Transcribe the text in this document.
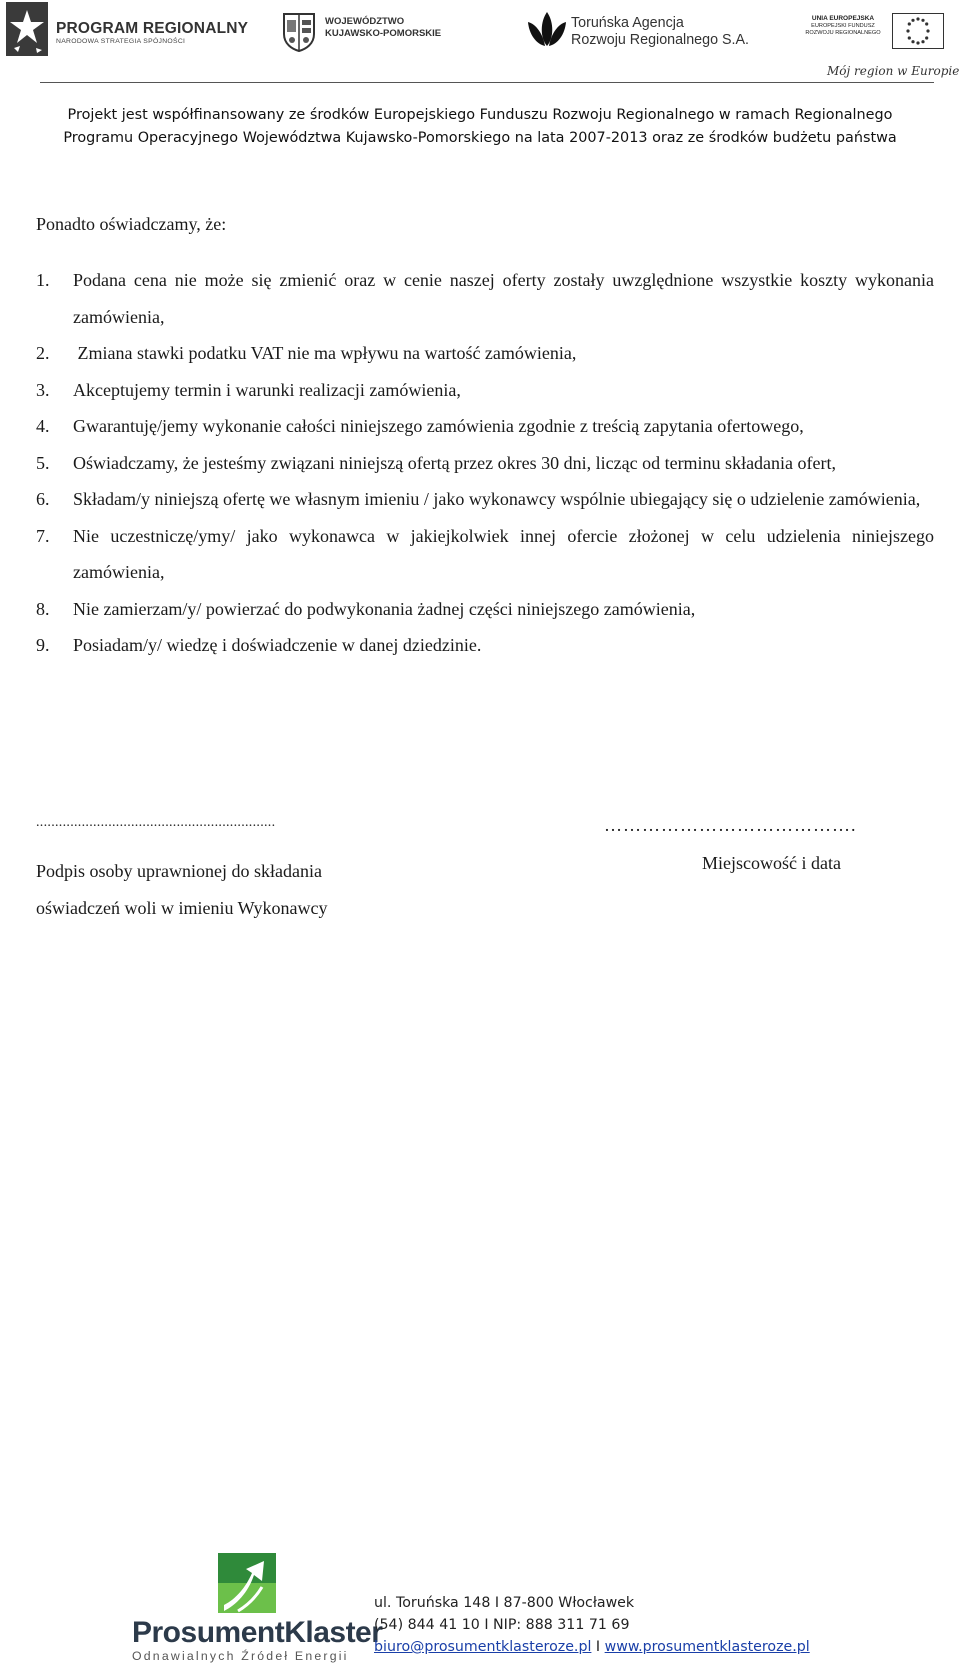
PROGRAM REGIONALNY
NARODOWA STRATEGIA SPÓJNOŚCI
WOJEWÓDZTWO
KUJAWSKO-POMORSKIE
Toruńska Agencja
Rozwoju Regionalnego S.A.
UNIA EUROPEJSKA
EUROPEJSKI FUNDUSZ
ROZWOJU REGIONALNEGO
Mój region w Europie
Projekt jest współfinansowany ze środków Europejskiego Funduszu Rozwoju Regionalnego w ramach Regionalnego
Programu Operacyjnego Województwa Kujawsko-Pomorskiego na lata 2007-2013 oraz ze środków budżetu państwa
Ponadto oświadczamy, że:
1. Podana cena nie może się zmienić oraz w cenie naszej oferty zostały uwzględnione wszystkie koszty wykonania zamówienia,
2. Zmiana stawki podatku VAT nie ma wpływu na wartość zamówienia,
3. Akceptujemy termin i warunki realizacji zamówienia,
4. Gwarantuję/jemy wykonanie całości niniejszego zamówienia zgodnie z treścią zapytania ofertowego,
5. Oświadczamy, że jesteśmy związani niniejszą ofertą przez okres 30 dni, licząc od terminu składania ofert,
6. Składam/y niniejszą ofertę we własnym imieniu / jako wykonawcy wspólnie ubiegający się o udzielenie zamówienia,
7. Nie uczestniczę/ymy/ jako wykonawca w jakiejkolwiek innej ofercie złożonej w celu udzielenia niniejszego zamówienia,
8. Nie zamierzam/y/ powierzać do podwykonania żadnej części niniejszego zamówienia,
9. Posiadam/y/ wiedzę i doświadczenie w danej dziedzinie.
...............................................................	………………………………….
Podpis osoby uprawnionej do składania
oświadczeń woli w imieniu Wykonawcy
Miejscowość i data
ProsumentKlaster
Odnawialnych Źródeł Energii
ul. Toruńska 148 I 87-800 Włocławek
(54) 844 41 10 I NIP: 888 311 71 69
biuro@prosumentklasteroze.pl I www.prosumentklasteroze.pl
